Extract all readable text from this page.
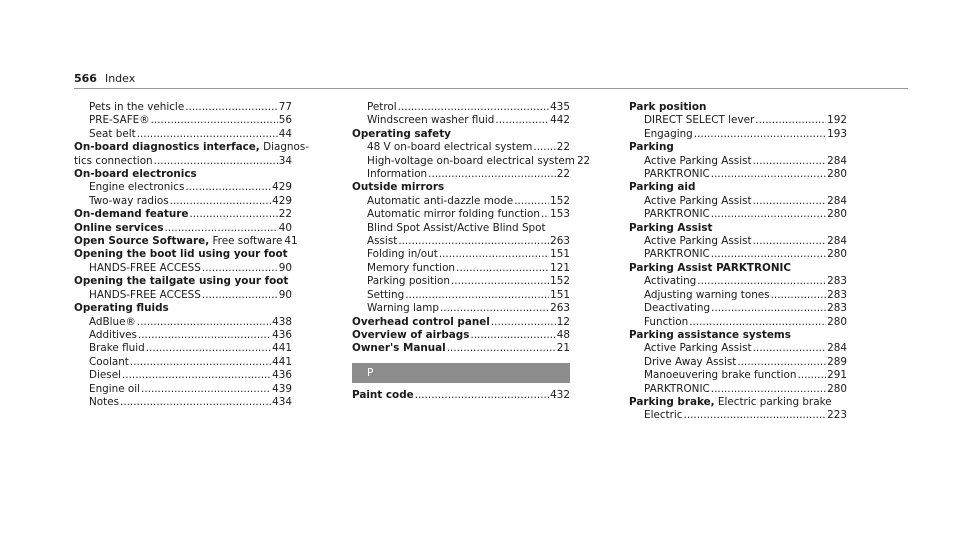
566 Index
Pets in the vehicle .....	77
PRE-SAFE® .....	56
Seat belt .....	44
On-board diagnostics interface, Diagnos-
tics connection .....	34
On-board electronics
Engine electronics .....	429
Two-way radios .....	429
On-demand feature .....	22
Online services .....	40
Open Source Software, Free software 41
Opening the boot lid using your foot
HANDS-FREE ACCESS .....	90
Opening the tailgate using your foot
HANDS-FREE ACCESS .....	90
Operating fluids
AdBlue® .....	438
Additives .....	436
Brake fluid .....	441
Coolant .....	441
Diesel .....	436
Engine oil .....	439
Notes .....	434
Petrol .....	435
Windscreen washer fluid .....	442
Operating safety
48 V on-board electrical system ..... 22
High-voltage on-board electrical system 22
Information .....	22
Outside mirrors
Automatic anti-dazzle mode .....	152
Automatic mirror folding function ..... 153
Blind Spot Assist/Active Blind Spot
Assist .....	263
Folding in/out .....	151
Memory function .....	121
Parking position .....	152
Setting .....	151
Warning lamp .....	263
Overhead control panel .....	12
Overview of airbags .....	48
Owner's Manual .....	21
P
Paint code .....	432
Park position
DIRECT SELECT lever .....	192
Engaging .....	193
Parking
Active Parking Assist .....	284
PARKTRONIC .....	280
Parking aid
Active Parking Assist .....	284
PARKTRONIC .....	280
Parking Assist
Active Parking Assist .....	284
PARKTRONIC .....	280
Parking Assist PARKTRONIC
Activating .....	283
Adjusting warning tones .....	283
Deactivating .....	283
Function .....	280
Parking assistance systems
Active Parking Assist .....	284
Drive Away Assist .....	289
Manoeuvering brake function .....	291
PARKTRONIC .....	280
Parking brake, Electric parking brake
Electric .....	223
